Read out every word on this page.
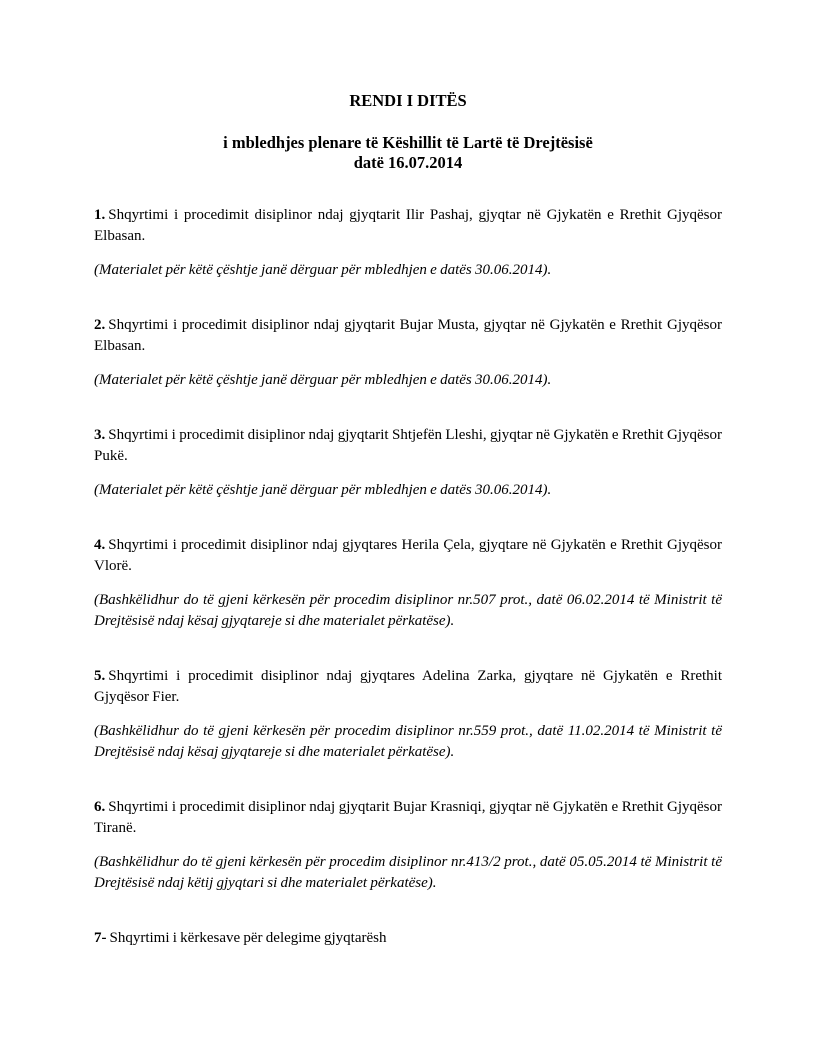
RENDI I DITËS

i mbledhjes plenare të Këshillit të Lartë të Drejtësisë

datë 16.07.2014

1. Shqyrtimi i procedimit disiplinor ndaj gjyqtarit Ilir Pashaj, gjyqtar në Gjykatën e Rrethit Gjyqësor Elbasan.

(Materialet për këtë çështje janë dërguar për mbledhjen e datës 30.06.2014).

2. Shqyrtimi i procedimit disiplinor ndaj gjyqtarit Bujar Musta, gjyqtar në Gjykatën e Rrethit Gjyqësor Elbasan.

(Materialet për këtë çështje janë dërguar për mbledhjen e datës 30.06.2014).

3. Shqyrtimi i procedimit disiplinor ndaj gjyqtarit Shtjefën Lleshi, gjyqtar në Gjykatën e Rrethit Gjyqësor Pukë.

(Materialet për këtë çështje janë dërguar për mbledhjen e datës 30.06.2014).

4. Shqyrtimi i procedimit disiplinor ndaj gjyqtares Herila Çela, gjyqtare në Gjykatën e Rrethit Gjyqësor Vlorë.

(Bashkëlidhur do të gjeni kërkesën për procedim disiplinor nr.507 prot., datë 06.02.2014 të Ministrit të Drejtësisë ndaj kësaj gjyqtareje si dhe materialet përkatëse).

5. Shqyrtimi i procedimit disiplinor ndaj gjyqtares Adelina Zarka, gjyqtare në Gjykatën e Rrethit Gjyqësor Fier.

(Bashkëlidhur do të gjeni kërkesën për procedim disiplinor nr.559 prot., datë 11.02.2014 të Ministrit të Drejtësisë ndaj kësaj gjyqtareje si dhe materialet përkatëse).

6. Shqyrtimi i procedimit disiplinor ndaj gjyqtarit Bujar Krasniqi, gjyqtar në Gjykatën e Rrethit Gjyqësor Tiranë.

(Bashkëlidhur do të gjeni kërkesën për procedim disiplinor nr.413/2 prot., datë 05.05.2014 të Ministrit të Drejtësisë ndaj këtij gjyqtari si dhe materialet përkatëse).

7- Shqyrtimi i kërkesave për delegime gjyqtarësh
